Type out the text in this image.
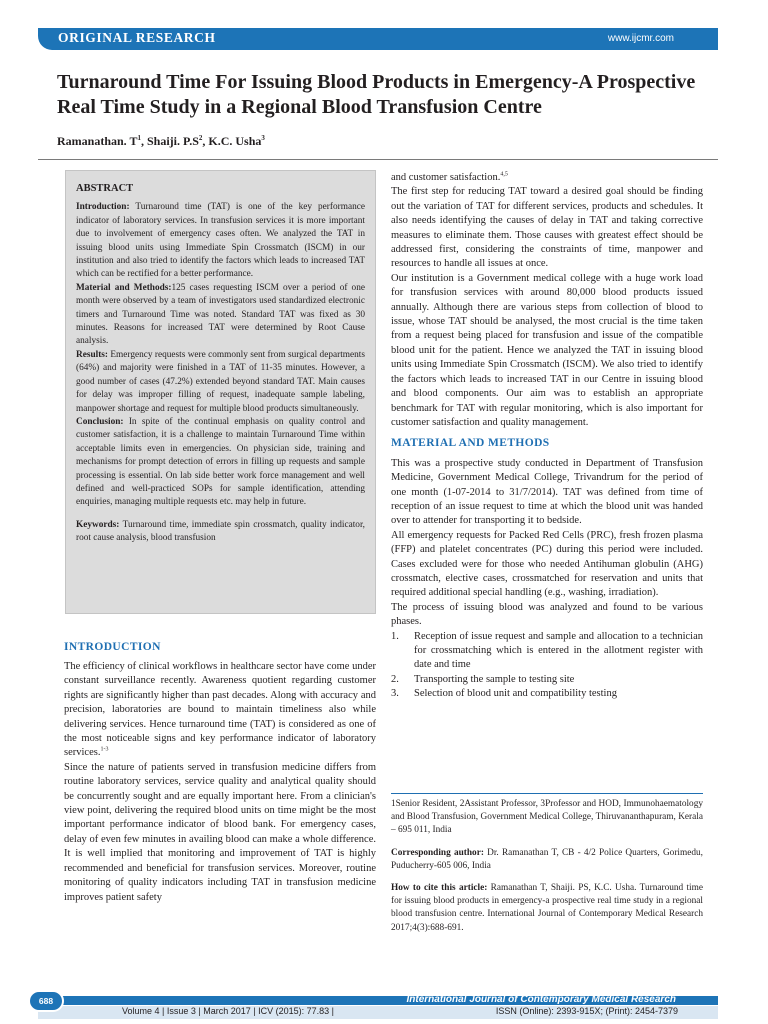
ORIGINAL RESEARCH	www.ijcmr.com
Turnaround Time For Issuing Blood Products in Emergency-A Prospective Real Time Study in a Regional Blood Transfusion Centre
Ramanathan. $T^1$, Shaiji. $P.S^2$, K.C. Usha$^3$
ABSTRACT

Introduction: Turnaround time (TAT) is one of the key performance indicator of laboratory services. In transfusion services it is more important due to involvement of emergency cases often. We analyzed the TAT in issuing blood units using Immediate Spin Crossmatch (ISCM) in our institution and also tried to identify the factors which leads to increased TAT which can be rectified for a better performance.

Material and Methods:125 cases requesting ISCM over a period of one month were observed by a team of investigators used standardized electronic timers and Turnaround Time was noted. Standard TAT was fixed as 30 minutes. Reasons for increased TAT were determined by Root Cause analysis.

Results: Emergency requests were commonly sent from surgical departments (64%) and majority were finished in a TAT of 11-35 minutes. However, a good number of cases (47.2%) extended beyond standard TAT. Main causes for delay was improper filling of request, inadequate sample labeling, manpower shortage and request for multiple blood products simultaneously.

Conclusion: In spite of the continual emphasis on quality control and customer satisfaction, it is a challenge to maintain Turnaround Time within acceptable limits even in emergencies. On physician side, training and mechanisms for prompt detection of errors in filling up requests and sample processing is essential. On lab side better work force management and well defined and well-practiced SOPs for sample identification, attending enquiries, managing multiple requests etc. may help in future.

Keywords: Turnaround time, immediate spin crossmatch, quality indicator, root cause analysis, blood transfusion

INTRODUCTION

The efficiency of clinical workflows in healthcare sector have come under constant surveillance recently. Awareness quotient regarding customer rights are significantly higher than past decades. Along with accuracy and precision, laboratories are bound to maintain timeliness also while delivering services. Hence turnaround time (TAT) is considered as one of the most noticeable signs and key performance indicator of laboratory services.$^{1-3}$

Since the nature of patients served in transfusion medicine differs from routine laboratory services, service quality and analytical quality should be concurrently sought and are equally important here. From a clinician's view point, delivering the required blood units on time might be the most important performance indicator of blood bank. For emergency cases, delay of even few minutes in availing blood can make a whole difference. It is well implied that monitoring and improvement of TAT is highly recommended and beneficial for transfusion services. Moreover, routine monitoring of quality indicators including TAT in transfusion medicine improves patient safety

and customer satisfaction.$^{4,5}$

The first step for reducing TAT toward a desired goal should be finding out the variation of TAT for different services, products and schedules. It also needs identifying the causes of delay in TAT and taking corrective measures to eliminate them. Those causes with greatest effect should be addressed first, considering the constraints of time, manpower and resources to handle all issues at once.

Our institution is a Government medical college with a huge work load for transfusion services with around 80,000 blood products issued annually. Although there are various steps from collection of blood to issue, whose TAT should be analysed, the most crucial is the time taken from a request being placed for transfusion and issue of the compatible blood unit for the patient. Hence we analyzed the TAT in issuing blood units using Immediate Spin Crossmatch (ISCM). We also tried to identify the factors which leads to increased TAT in our Centre in issuing blood and blood components. Our aim was to establish an appropriate benchmark for TAT with regular monitoring, which is also important for customer satisfaction and quality management.

MATERIAL AND METHODS

This was a prospective study conducted in Department of Transfusion Medicine, Government Medical College, Trivandrum for the period of one month (1-07-2014 to 31/7/2014). TAT was defined from time of reception of an issue request to time at which the blood unit was handed over to attender for transporting it to bedside.

All emergency requests for Packed Red Cells (PRC), fresh frozen plasma (FFP) and platelet concentrates (PC) during this period were included. Cases excluded were for those who needed Antihuman globulin (AHG) crossmatch, elective cases, crossmatched for reservation and units that required additional special handling (e.g., washing, irradiation).

The process of issuing blood was analyzed and found to be various phases.

1. Reception of issue request and sample and allocation to a technician for crossmatching which is entered in the allotment register with date and time
2. Transporting the sample to testing site
3. Selection of blood unit and compatibility testing

1Senior Resident, 2Assistant Professor, 3Professor and HOD, Immunohaematology and Blood Transfusion, Government Medical College, Thiruvananthapuram, Kerala – 695 011, India

Corresponding author: Dr. Ramanathan T, CB - 4/2 Police Quarters, Gorimedu, Puducherry-605 006, India

How to cite this article: Ramanathan T, Shaiji. PS, K.C. Usha. Turnaround time for issuing blood products in emergency-a prospective real time study in a regional blood transfusion centre. International Journal of Contemporary Medical Research 2017;4(3):688-691.

International Journal of Contemporary Medical Research
Volume 4 | Issue 3 | March 2017 | ICV (2015): 77.83 |	ISSN (Online): 2393-915X; (Print): 2454-7379
688
